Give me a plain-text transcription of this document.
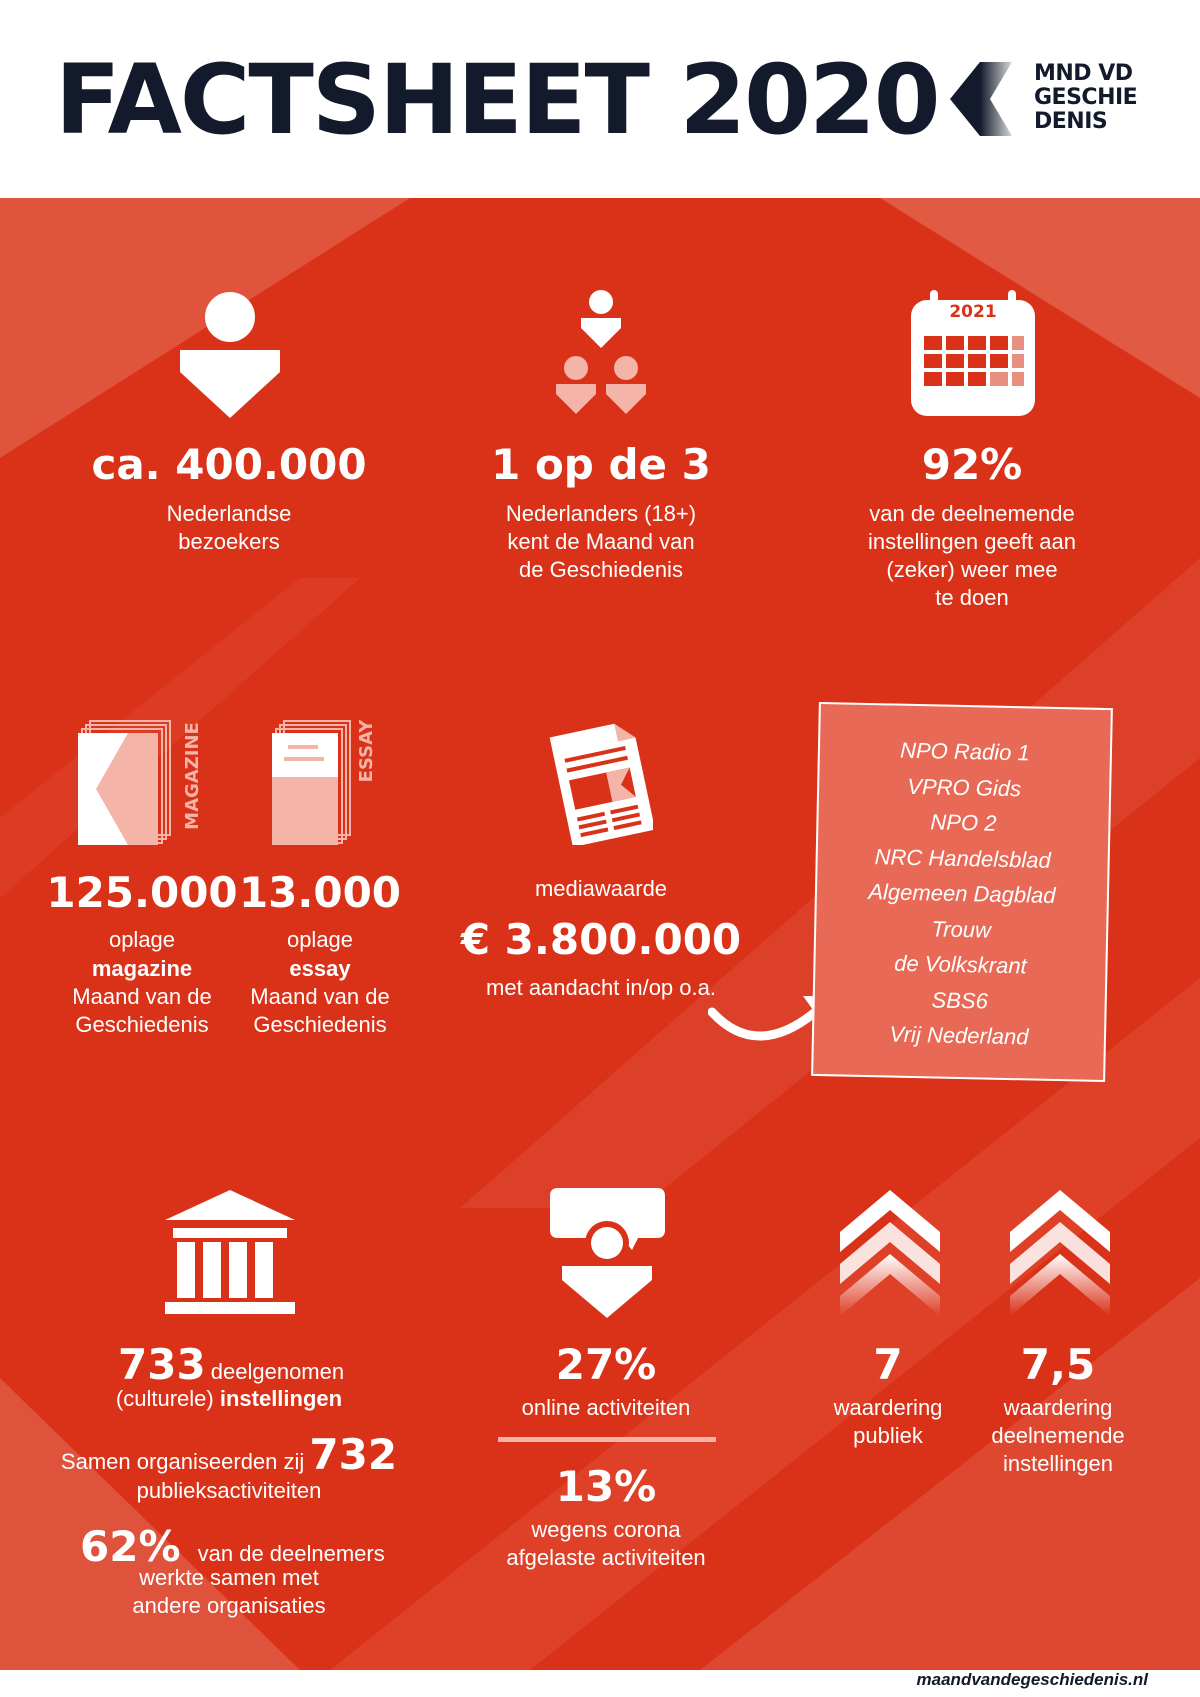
FACTSHEET 2020	MND VD
GESCHIE
DENIS
ca. 400.000
Nederlandse
bezoekers
1 op de 3
Nederlanders (18+)
kent de Maand van
de Geschiedenis
2021
92%
van de deelnemende
instellingen geeft aan
(zeker) weer mee
te doen
MAGAZINE
125.000
oplage
magazine
Maand van de
Geschiedenis
ESSAY
13.000
oplage
essay
Maand van de
Geschiedenis
mediawaarde
€ 3.800.000
met aandacht in/op o.a.
NPO Radio 1
VPRO Gids
NPO 2
NRC Handelsblad
Algemeen Dagblad
Trouw
de Volkskrant
SBS6
Vrij Nederland
733 deelgenomen
(culturele) instellingen
Samen organiseerden zij 732
publieksactiviteiten
62% van de deelnemers
werkte samen met
andere organisaties
27%
online activiteiten
13%
wegens corona
afgelaste activiteiten
7
waardering
publiek
7,5
waardering
deelnemende
instellingen
maandvandegeschiedenis.nl
